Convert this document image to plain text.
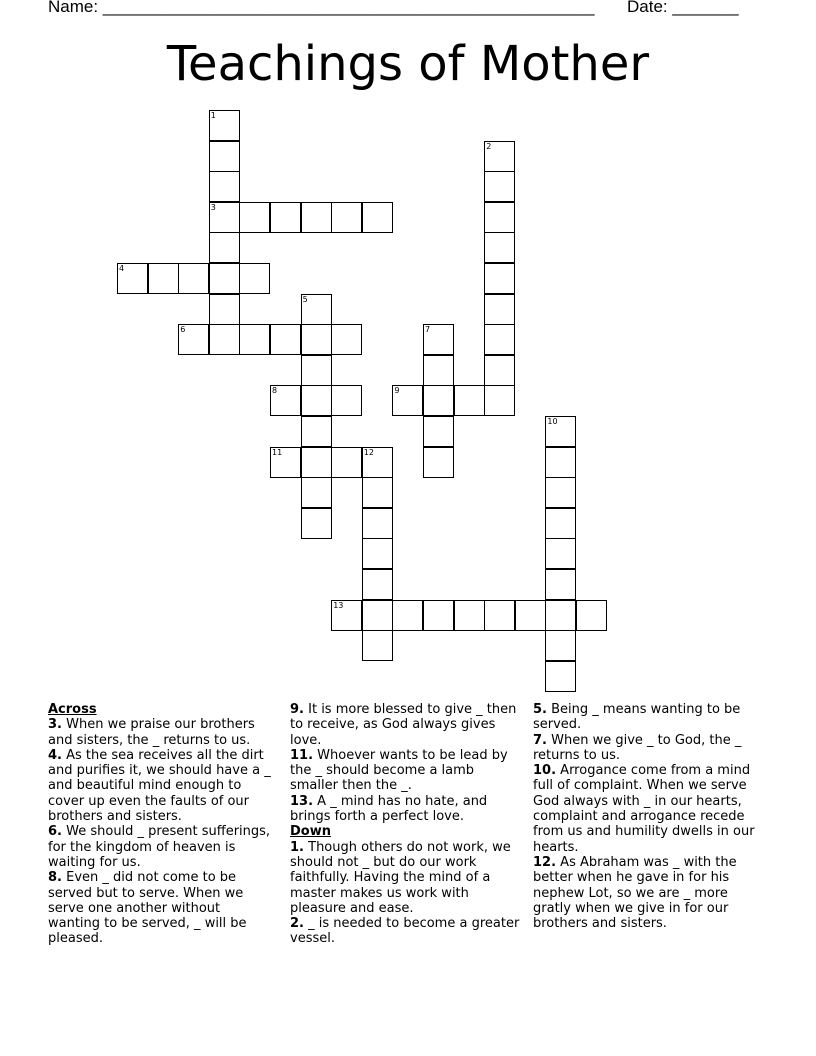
Name: ____________________________________________________ Date: _______
Teachings of Mother
1
2
3
4
5
6	7
8	9
10
11	12
13
Across
3. When we praise our brothers and sisters, the _ returns to us.
4. As the sea receives all the dirt and purifies it, we should have a _ and beautiful mind enough to cover up even the faults of our brothers and sisters.
6. We should _ present sufferings, for the kingdom of heaven is waiting for us.
8. Even _ did not come to be served but to serve. When we serve one another without wanting to be served, _ will be pleased.
9. It is more blessed to give _ then to receive, as God always gives love.
11. Whoever wants to be lead by the _ should become a lamb smaller then the _.
13. A _ mind has no hate, and brings forth a perfect love.
Down
1. Though others do not work, we should not _ but do our work faithfully. Having the mind of a master makes us work with pleasure and ease.
2. _ is needed to become a greater vessel.
5. Being _ means wanting to be served.
7. When we give _ to God, the _ returns to us.
10. Arrogance come from a mind full of complaint. When we serve God always with _ in our hearts, complaint and arrogance recede from us and humility dwells in our hearts.
12. As Abraham was _ with the better when he gave in for his nephew Lot, so we are _ more gratly when we give in for our brothers and sisters.
